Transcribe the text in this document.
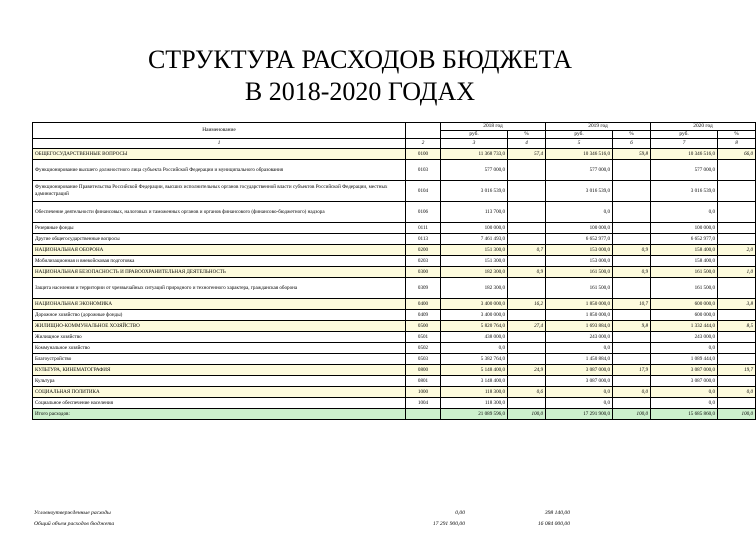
СТРУКТУРА РАСХОДОВ БЮДЖЕТА
В 2018-2020 ГОДАХ
Наименование		2018 год		2019 год		2020 год	
		руб.	%	руб.	%	руб.	%
1	2	3	4	5	6	7	8
ОБЩЕГОСУДАРСТВЕННЫЕ ВОПРОСЫ	0100	11 368 733,0	57,4	10 346 516,0	59,8	10 346 516,0	66,0
Функционирование высшего должностного лица субъекта Российской Федерации и муниципального образования	0103	577 000,0		577 000,0		577 000,0	
Функционирование Правительства Российской Федерации, высших исполнительных органов государственной власти субъектов Российской Федерации, местных администраций	0104	3 016 539,0		3 016 539,0		3 016 539,0	
Обеспечение деятельности финансовых, налоговых и таможенных органов и органов финансового (финансово-бюджетного) надзора	0106	113 700,0		0,0		0,0	
Резервные фонды	0111	100 000,0		100 000,0		100 000,0	
Другие общегосударственные вопросы	0113	7 461 493,0		6 652 977,0		6 652 977,0	
НАЦИОНАЛЬНАЯ ОБОРОНА	0200	151 300,0	0,7	153 000,0	0,9	158 400,0	2,0
Мобилизационная и вневойсковая подготовка	0203	151 300,0		153 000,0		158 400,0	
НАЦИОНАЛЬНАЯ БЕЗОПАСНОСТЬ И ПРАВООХРАНИТЕЛЬНАЯ ДЕЯТЕЛЬНОСТЬ	0300	182 300,0	0,9	161 500,0	0,9	161 500,0	1,0
Защита населения и территории от чрезвычайных ситуаций природного и техногенного характера, гражданская оборона	0309	182 300,0		161 500,0		161 500,0	
НАЦИОНАЛЬНАЯ ЭКОНОМИКА	0400	3 400 000,0	16,2	1 850 000,0	10,7	600 000,0	3,8
Дорожное хозяйство (дорожные фонды)	0409	3 400 000,0		1 850 000,0		600 000,0	
ЖИЛИЩНО-КОММУНАЛЬНОЕ ХОЗЯЙСТВО	0500	5 820 764,0	27,4	1 693 884,0	9,8	1 332 444,0	8,5
Жилищное хозяйство	0501	438 000,0		243 000,0		243 000,0	
Коммунальное хозяйство	0502	0,0		0,0		0,0	
Благоустройство	0503	5 382 764,0		1 450 884,0		1 089 444,0	
КУЛЬТУРА, КИНЕМАТОГРАФИЯ	0800	5 148 400,0	24,9	3 087 000,0	17,9	3 087 000,0	19,7
Культура	0801	3 148 400,0		3 087 000,0		3 087 000,0	
СОЦИАЛЬНАЯ ПОЛИТИКА	1000	118 300,0	0,6	0,0	0,0	0,0	0,0
Социальное обеспечение населения	1004	118 300,0		0,0		0,0	
Итого расходов:		21 089 596,0	100,0	17 291 900,0	100,0	15 685 860,0	100,0
Условноутвержденные расходы	0,00	398 140,00
Общий объем расходов бюджета	17 291 900,00	16 084 000,00
